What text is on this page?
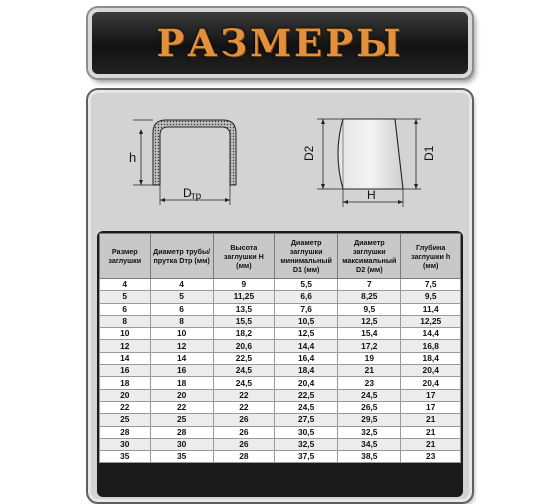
РАЗМЕРЫ
h
D тр
D2	D1
H
Размер заглушки	Диаметр трубы/прутка Dтр (мм)	Высота заглушки H (мм)	Диаметр заглушки минимальный D1 (мм)	Диаметр заглушки максимальный D2 (мм)	Глубина заглушки h (мм)
4	4	9	5,5	7	7,5
5	5	11,25	6,6	8,25	9,5
6	6	13,5	7,6	9,5	11,4
8	8	15,5	10,5	12,5	12,25
10	10	18,2	12,5	15,4	14,4
12	12	20,6	14,4	17,2	16,8
14	14	22,5	16,4	19	18,4
16	16	24,5	18,4	21	20,4
18	18	24,5	20,4	23	20,4
20	20	22	22,5	24,5	17
22	22	22	24,5	26,5	17
25	25	26	27,5	29,5	21
28	28	26	30,5	32,5	21
30	30	26	32,5	34,5	21
35	35	28	37,5	38,5	23
